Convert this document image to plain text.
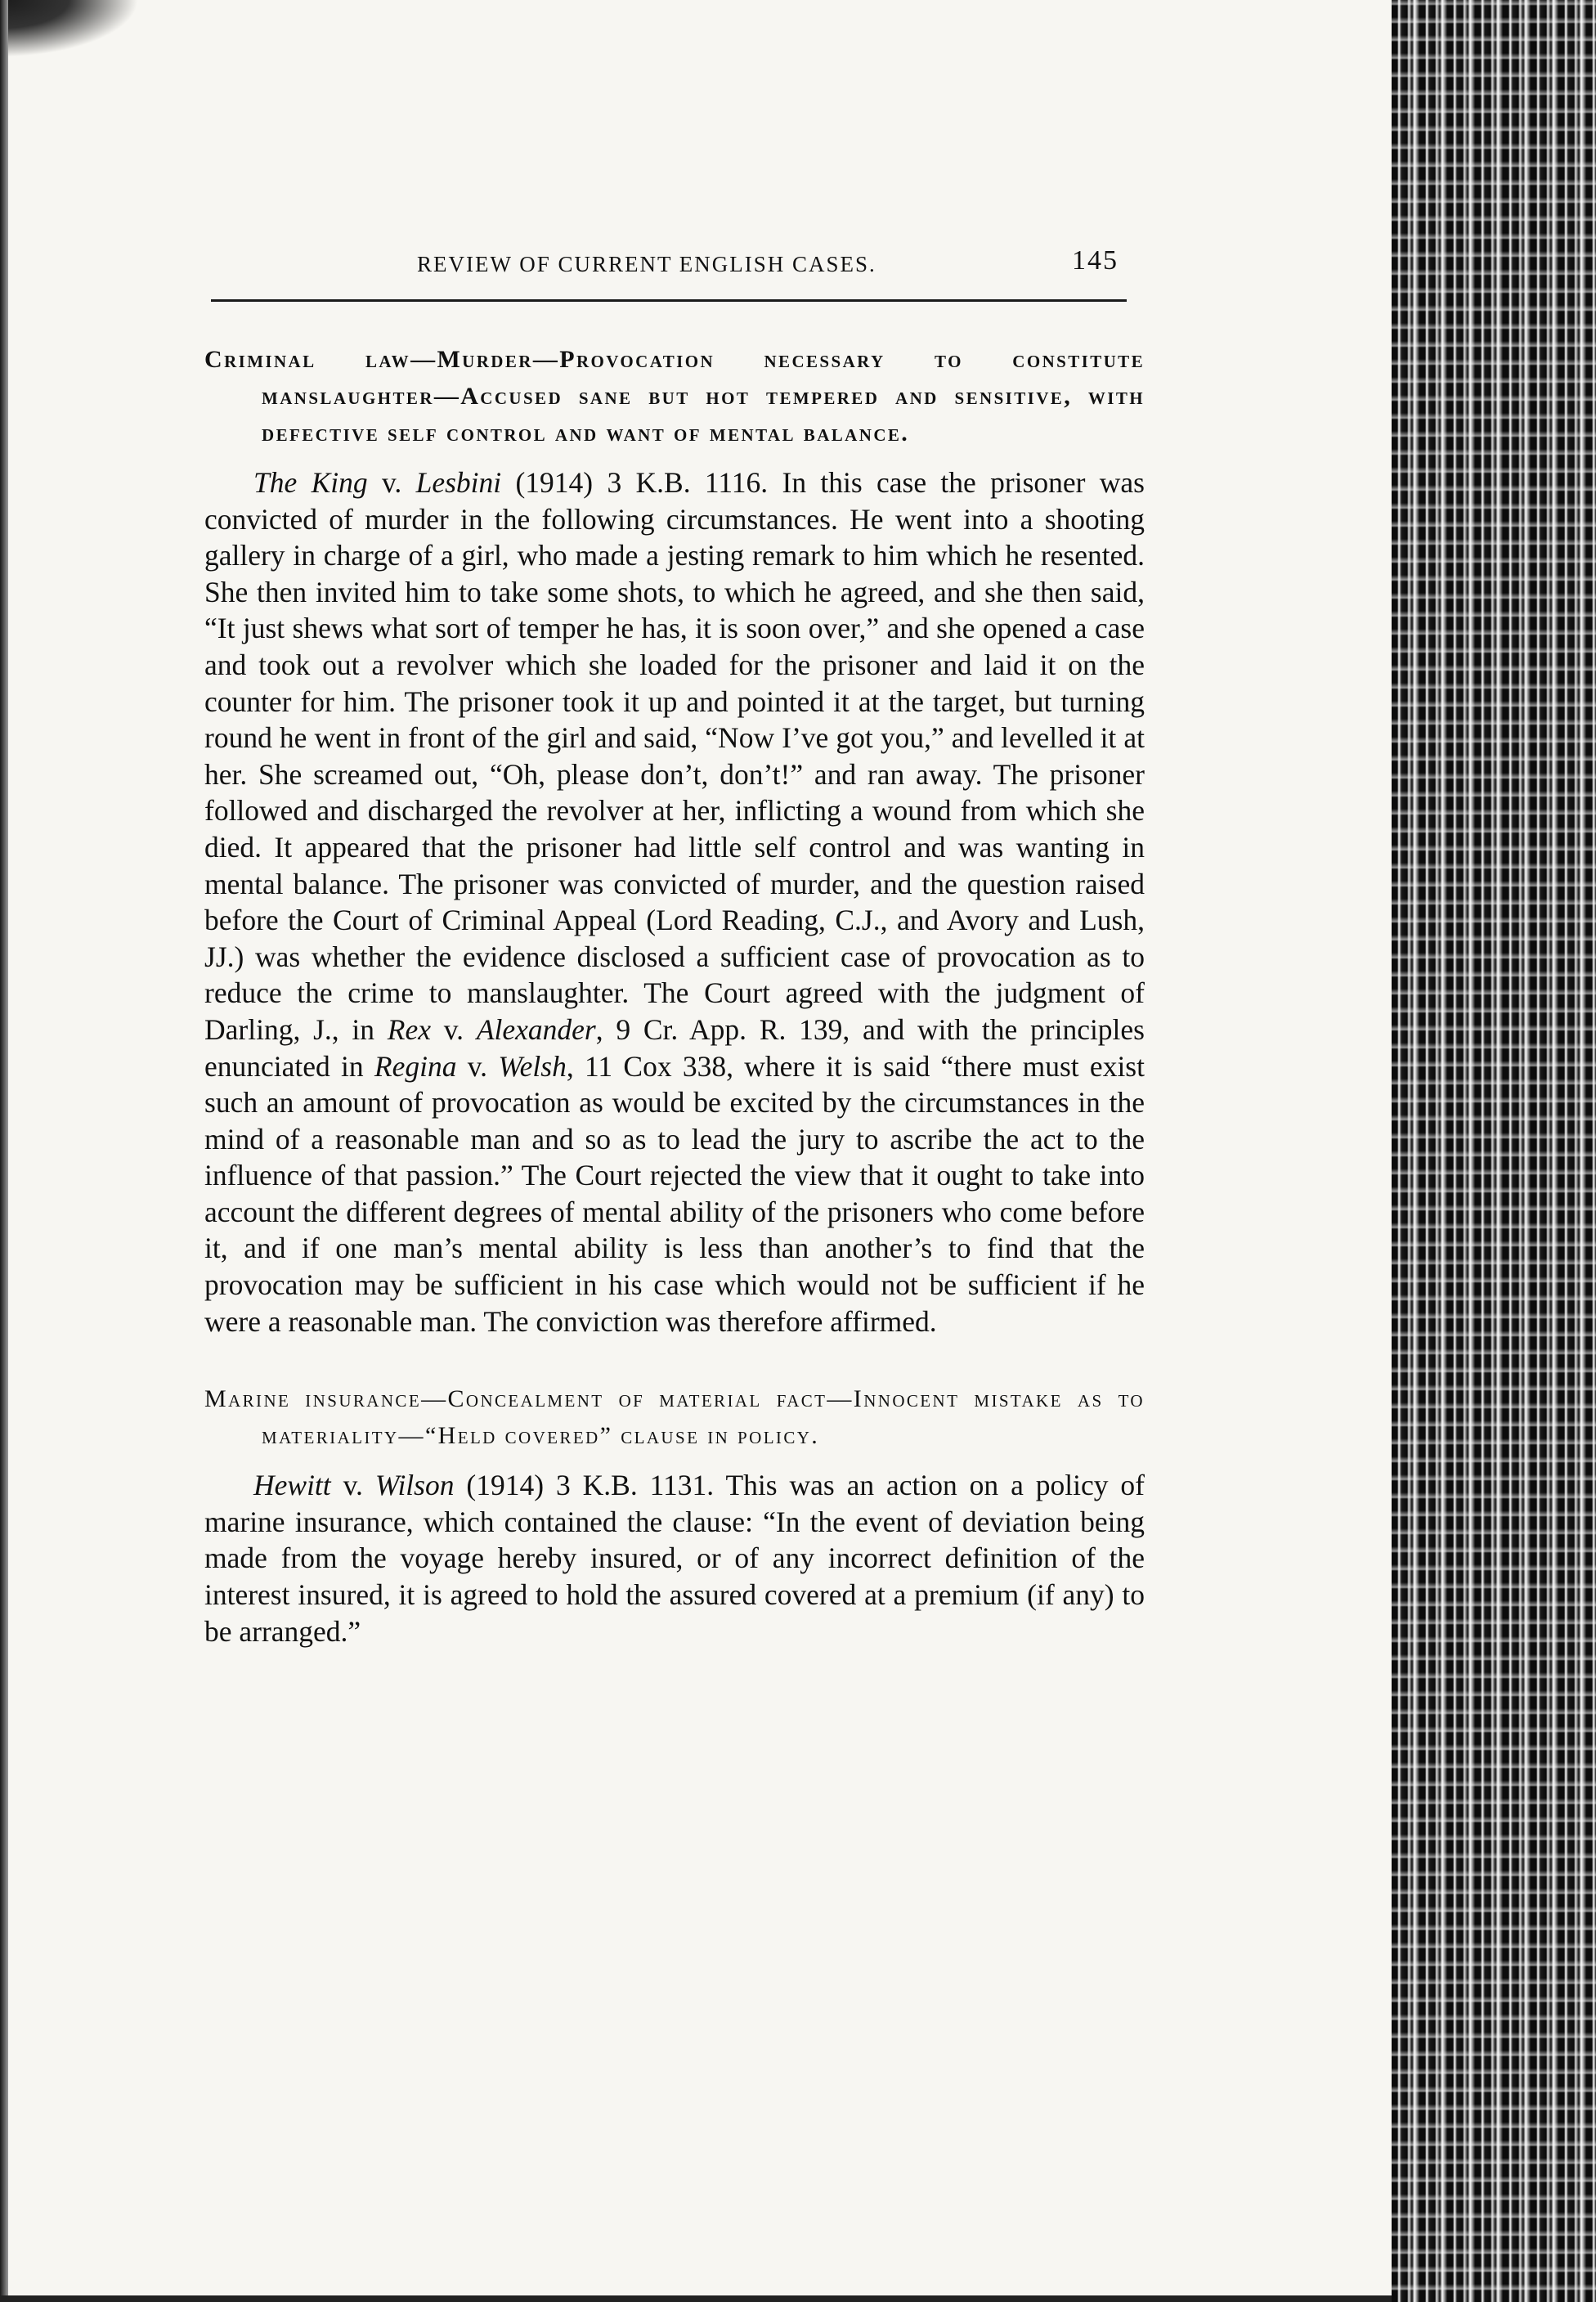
REVIEW OF CURRENT ENGLISH CASES.	145
Criminal law—Murder—Provocation necessary to constitute manslaughter—Accused sane but hot tempered and sensitive, with defective self control and want of mental balance.

The King v. Lesbini (1914) 3 K.B. 1116. In this case the prisoner was convicted of murder in the following circumstances. He went into a shooting gallery in charge of a girl, who made a jesting remark to him which he resented. She then invited him to take some shots, to which he agreed, and she then said, “It just shews what sort of temper he has, it is soon over,” and she opened a case and took out a revolver which she loaded for the prisoner and laid it on the counter for him. The prisoner took it up and pointed it at the target, but turning round he went in front of the girl and said, “Now I’ve got you,” and levelled it at her. She screamed out, “Oh, please don’t, don’t!” and ran away. The prisoner followed and discharged the revolver at her, inflicting a wound from which she died. It appeared that the prisoner had little self control and was wanting in mental balance. The prisoner was convicted of murder, and the question raised before the Court of Criminal Appeal (Lord Reading, C.J., and Avory and Lush, JJ.) was whether the evidence disclosed a sufficient case of provocation as to reduce the crime to manslaughter. The Court agreed with the judgment of Darling, J., in Rex v. Alexander, 9 Cr. App. R. 139, and with the principles enunciated in Regina v. Welsh, 11 Cox 338, where it is said “there must exist such an amount of provocation as would be excited by the circumstances in the mind of a reasonable man and so as to lead the jury to ascribe the act to the influence of that passion.” The Court rejected the view that it ought to take into account the different degrees of mental ability of the prisoners who come before it, and if one man’s mental ability is less than another’s to find that the provocation may be sufficient in his case which would not be sufficient if he were a reasonable man. The conviction was therefore affirmed.

Marine insurance—Concealment of material fact—Innocent mistake as to materiality—“Held covered” clause in policy.

Hewitt v. Wilson (1914) 3 K.B. 1131. This was an action on a policy of marine insurance, which contained the clause: “In the event of deviation being made from the voyage hereby insured, or of any incorrect definition of the interest insured, it is agreed to hold the assured covered at a premium (if any) to be arranged.”
